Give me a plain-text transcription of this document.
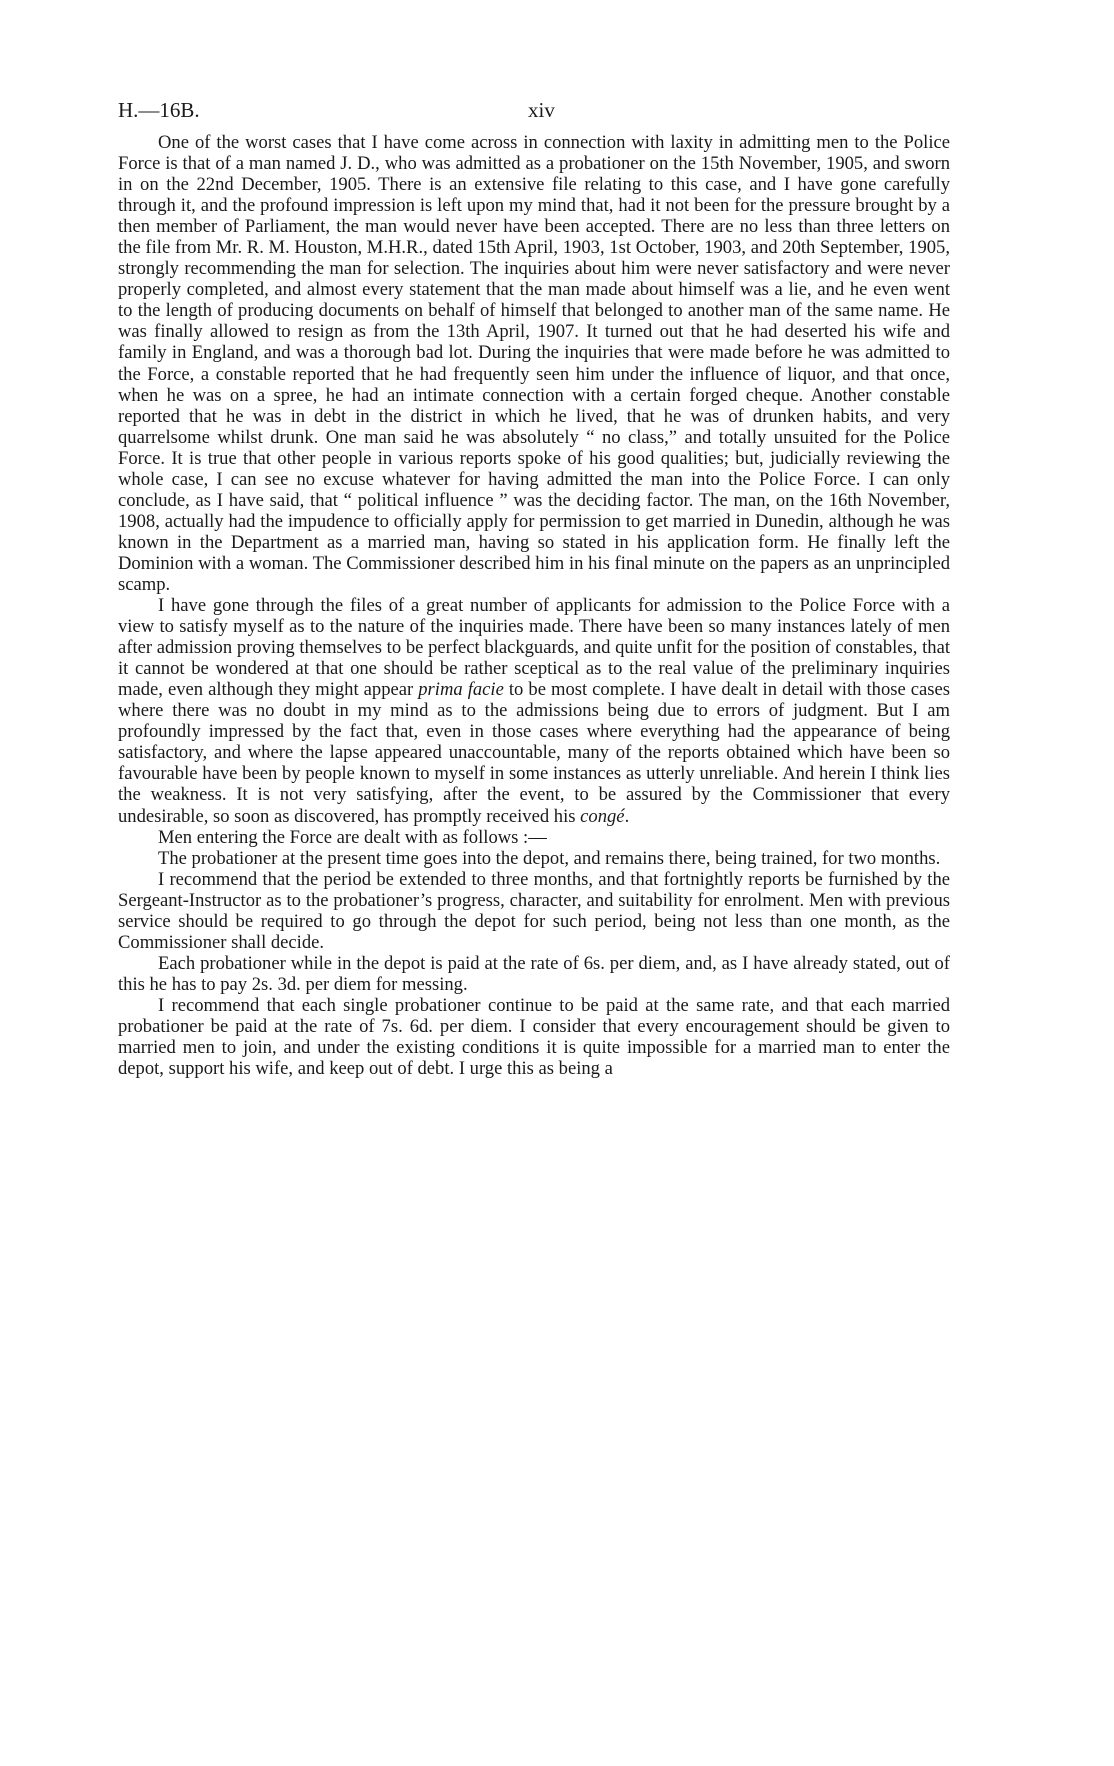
H.—16B.	xiv

One of the worst cases that I have come across in connection with laxity in admitting men to the Police Force is that of a man named J. D., who was admitted as a probationer on the 15th November, 1905, and sworn in on the 22nd December, 1905. There is an extensive file relating to this case, and I have gone carefully through it, and the profound impression is left upon my mind that, had it not been for the pressure brought by a then member of Parliament, the man would never have been accepted. There are no less than three letters on the file from Mr. R. M. Houston, M.H.R., dated 15th April, 1903, 1st October, 1903, and 20th September, 1905, strongly recommending the man for selection. The inquiries about him were never satisfactory and were never properly completed, and almost every statement that the man made about himself was a lie, and he even went to the length of producing documents on behalf of himself that belonged to another man of the same name. He was finally allowed to resign as from the 13th April, 1907. It turned out that he had deserted his wife and family in England, and was a thorough bad lot. During the inquiries that were made before he was admitted to the Force, a constable reported that he had frequently seen him under the influence of liquor, and that once, when he was on a spree, he had an intimate connection with a certain forged cheque. Another constable reported that he was in debt in the district in which he lived, that he was of drunken habits, and very quarrelsome whilst drunk. One man said he was absolutely “ no class,” and totally unsuited for the Police Force. It is true that other people in various reports spoke of his good qualities; but, judicially reviewing the whole case, I can see no excuse whatever for having admitted the man into the Police Force. I can only conclude, as I have said, that “ political influence ” was the deciding factor. The man, on the 16th November, 1908, actually had the impudence to officially apply for permission to get married in Dunedin, although he was known in the Department as a married man, having so stated in his application form. He finally left the Dominion with a woman. The Commissioner described him in his final minute on the papers as an unprincipled scamp.

I have gone through the files of a great number of applicants for admission to the Police Force with a view to satisfy myself as to the nature of the inquiries made. There have been so many instances lately of men after admission proving themselves to be perfect blackguards, and quite unfit for the position of constables, that it cannot be wondered at that one should be rather sceptical as to the real value of the preliminary inquiries made, even although they might appear prima facie to be most complete. I have dealt in detail with those cases where there was no doubt in my mind as to the admissions being due to errors of judgment. But I am profoundly impressed by the fact that, even in those cases where everything had the appearance of being satisfactory, and where the lapse appeared unaccountable, many of the reports obtained which have been so favourable have been by people known to myself in some instances as utterly unreliable. And herein I think lies the weakness. It is not very satisfying, after the event, to be assured by the Commissioner that every undesirable, so soon as discovered, has promptly received his congé.

Men entering the Force are dealt with as follows :—

The probationer at the present time goes into the depot, and remains there, being trained, for two months.

I recommend that the period be extended to three months, and that fortnightly reports be furnished by the Sergeant-Instructor as to the probationer’s progress, character, and suitability for enrolment. Men with previous service should be required to go through the depot for such period, being not less than one month, as the Commissioner shall decide.

Each probationer while in the depot is paid at the rate of 6s. per diem, and, as I have already stated, out of this he has to pay 2s. 3d. per diem for messing.

I recommend that each single probationer continue to be paid at the same rate, and that each married probationer be paid at the rate of 7s. 6d. per diem. I consider that every encouragement should be given to married men to join, and under the existing conditions it is quite impossible for a married man to enter the depot, support his wife, and keep out of debt. I urge this as being a
